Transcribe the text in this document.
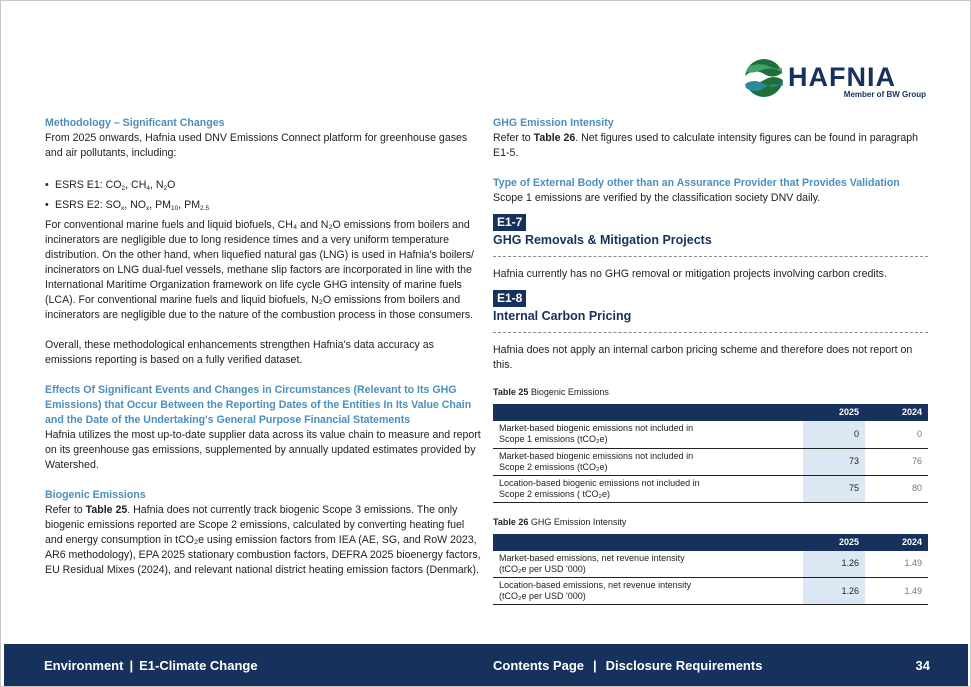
HAFNIA
Member of BW Group

Methodology – Significant Changes

From 2025 onwards, Hafnia used DNV Emissions Connect platform for greenhouse gases and air pollutants, including:

• ESRS E1: $CO_2$, $CH_4$, $N_2O$
• ESRS E2: $SO_x$, $NO_x$, $PM_{10}$, $PM_{2.5}$

For conventional marine fuels and liquid biofuels, CH₄ and N₂O emissions from boilers and incinerators are negligible due to long residence times and a very uniform temperature distribution. On the other hand, when liquefied natural gas (LNG) is used in Hafnia's boilers/ incinerators on LNG dual-fuel vessels, methane slip factors are incorporated in line with the International Maritime Organization framework on life cycle GHG intensity of marine fuels (LCA). For conventional marine fuels and liquid biofuels, N₂O emissions from boilers and incinerators are negligible due to the nature of the combustion process in those consumers.

Overall, these methodological enhancements strengthen Hafnia's data accuracy as emissions reporting is based on a fully verified dataset.

Effects Of Significant Events and Changes in Circumstances (Relevant to Its GHG Emissions) that Occur Between the Reporting Dates of the Entities In Its Value Chain and the Date of the Undertaking's General Purpose Financial Statements

Hafnia utilizes the most up-to-date supplier data across its value chain to measure and report on its greenhouse gas emissions, supplemented by annually updated estimates provided by Watershed.

Biogenic Emissions

Refer to Table 25. Hafnia does not currently track biogenic Scope 3 emissions. The only biogenic emissions reported are Scope 2 emissions, calculated by converting heating fuel and energy consumption in tCO₂e using emission factors from IEA (AE, SG, and RoW 2023, AR6 methodology), EPA 2025 stationary combustion factors, DEFRA 2025 bioenergy factors, EU Residual Mixes (2024), and relevant national district heating emission factors (Denmark).

GHG Emission Intensity

Refer to Table 26. Net figures used to calculate intensity figures can be found in paragraph E1-5.

Type of External Body other than an Assurance Provider that Provides Validation

Scope 1 emissions are verified by the classification society DNV daily.

E1-7

GHG Removals & Mitigation Projects

Hafnia currently has no GHG removal or mitigation projects involving carbon credits.

E1-8

Internal Carbon Pricing

Hafnia does not apply an internal carbon pricing scheme and therefore does not report on this.

Table 25 Biogenic Emissions
	2025	2024
Market-based biogenic emissions not included in
Scope 1 emissions (tCO₂e)	0	0
Market-based biogenic emissions not included in
Scope 2 emissions (tCO₂e)	73	76
Location-based biogenic emissions not included in
Scope 2 emissions ( tCO₂e)	75	80
Table 26 GHG Emission Intensity
	2025	2024
Market-based emissions, net revenue intensity
(tCO₂e per USD '000)	1.26	1.49
Location-based emissions, net revenue intensity
(tCO₂e per USD '000)	1.26	1.49
Environment | E1-Climate Change	Contents Page | Disclosure Requirements	34
